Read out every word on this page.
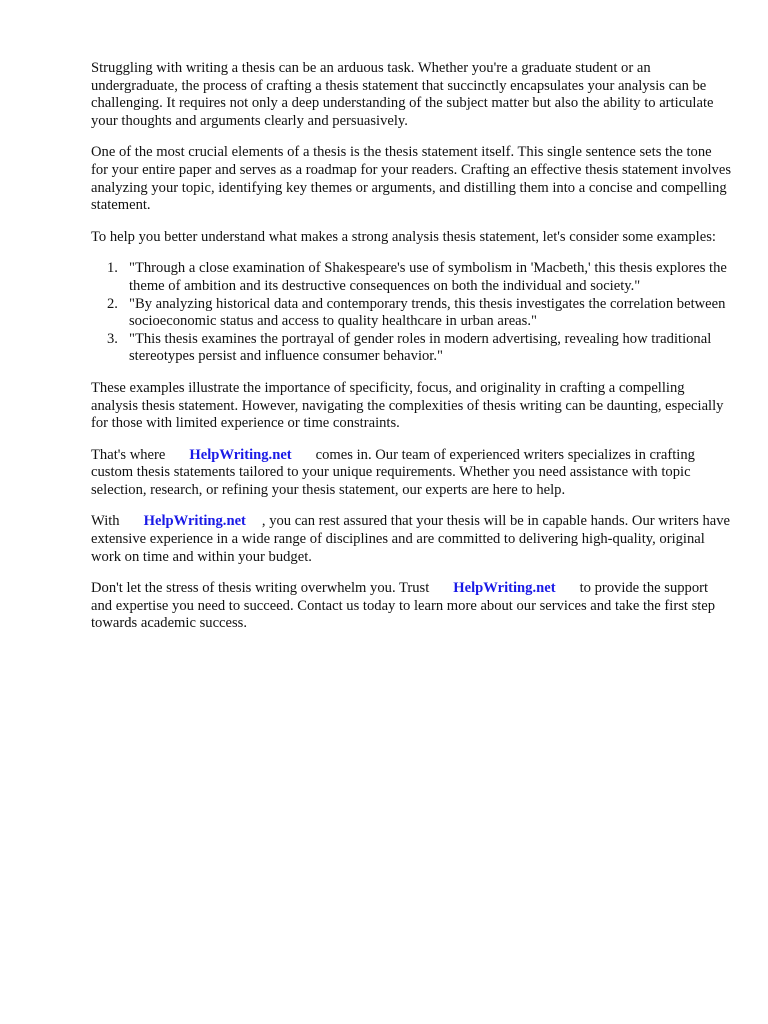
Struggling with writing a thesis can be an arduous task. Whether you're a graduate student or an undergraduate, the process of crafting a thesis statement that succinctly encapsulates your analysis can be challenging. It requires not only a deep understanding of the subject matter but also the ability to articulate your thoughts and arguments clearly and persuasively.

One of the most crucial elements of a thesis is the thesis statement itself. This single sentence sets the tone for your entire paper and serves as a roadmap for your readers. Crafting an effective thesis statement involves analyzing your topic, identifying key themes or arguments, and distilling them into a concise and compelling statement.

To help you better understand what makes a strong analysis thesis statement, let's consider some examples:

1. "Through a close examination of Shakespeare's use of symbolism in 'Macbeth,' this thesis explores the theme of ambition and its destructive consequences on both the individual and society."
2. "By analyzing historical data and contemporary trends, this thesis investigates the correlation between socioeconomic status and access to quality healthcare in urban areas."
3. "This thesis examines the portrayal of gender roles in modern advertising, revealing how traditional stereotypes persist and influence consumer behavior."

These examples illustrate the importance of specificity, focus, and originality in crafting a compelling analysis thesis statement. However, navigating the complexities of thesis writing can be daunting, especially for those with limited experience or time constraints.

That's where HelpWriting.net comes in. Our team of experienced writers specializes in crafting custom thesis statements tailored to your unique requirements. Whether you need assistance with topic selection, research, or refining your thesis statement, our experts are here to help.

With HelpWriting.net , you can rest assured that your thesis will be in capable hands. Our writers have extensive experience in a wide range of disciplines and are committed to delivering high-quality, original work on time and within your budget.

Don't let the stress of thesis writing overwhelm you. Trust HelpWriting.net to provide the support and expertise you need to succeed. Contact us today to learn more about our services and take the first step towards academic success.
